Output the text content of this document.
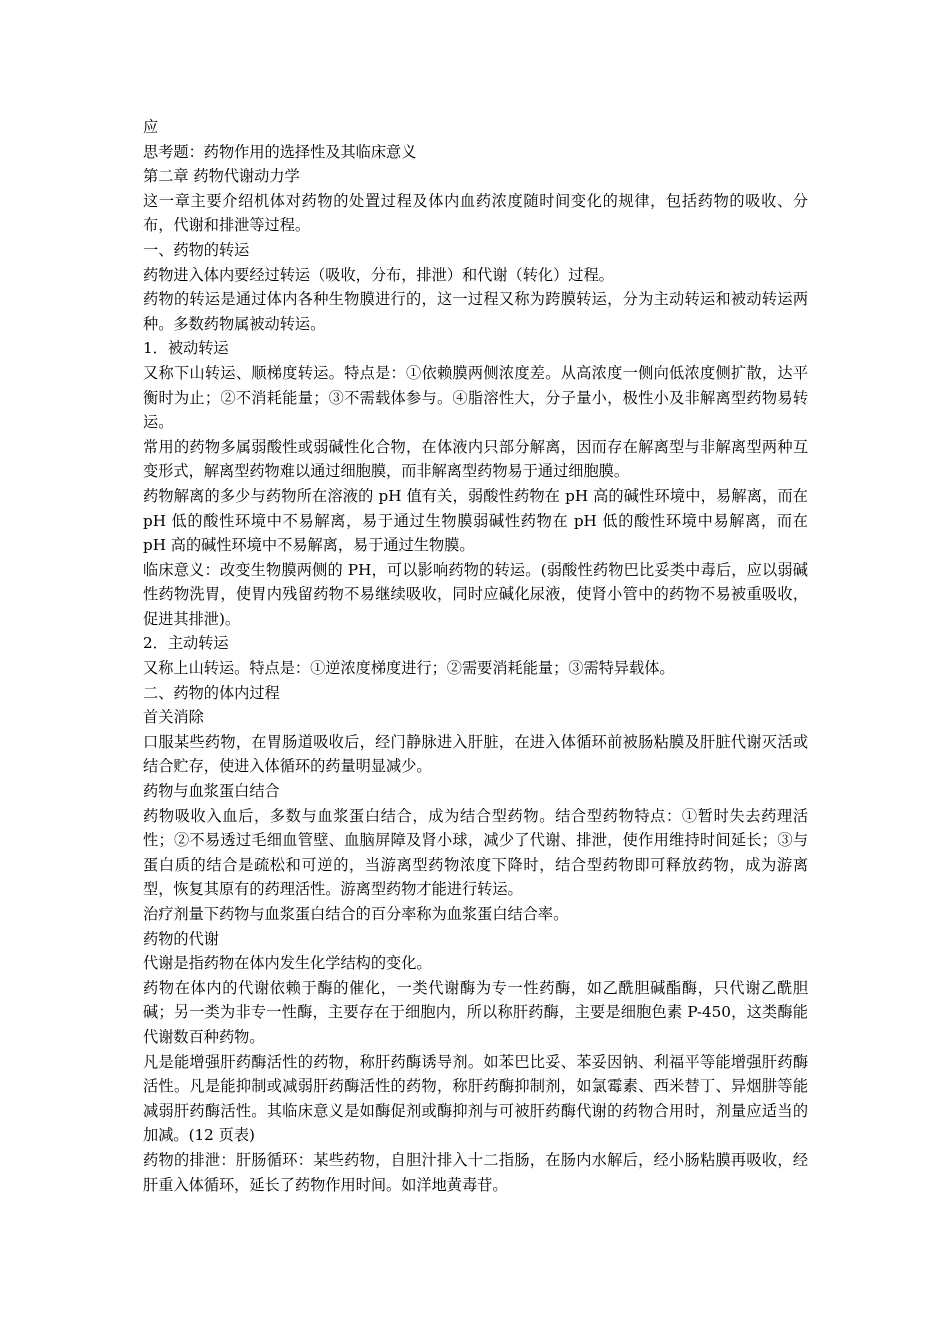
应

思考题：药物作用的选择性及其临床意义

第二章 药物代谢动力学

这一章主要介绍机体对药物的处置过程及体内血药浓度随时间变化的规律，包括药物的吸收、分布，代谢和排泄等过程。

一、药物的转运

药物进入体内要经过转运（吸收，分布，排泄）和代谢（转化）过程。

药物的转运是通过体内各种生物膜进行的，这一过程又称为跨膜转运，分为主动转运和被动转运两种。多数药物属被动转运。

1．被动转运

又称下山转运、顺梯度转运。特点是：①依赖膜两侧浓度差。从高浓度一侧向低浓度侧扩散，达平衡时为止；②不消耗能量；③不需载体参与。④脂溶性大，分子量小，极性小及非解离型药物易转运。

常用的药物多属弱酸性或弱碱性化合物，在体液内只部分解离，因而存在解离型与非解离型两种互变形式，解离型药物难以通过细胞膜，而非解离型药物易于通过细胞膜。

药物解离的多少与药物所在溶液的 pH 值有关，弱酸性药物在 pH 高的碱性环境中，易解离，而在 pH 低的酸性环境中不易解离，易于通过生物膜弱碱性药物在 pH 低的酸性环境中易解离，而在 pH 高的碱性环境中不易解离，易于通过生物膜。

临床意义：改变生物膜两侧的 PH，可以影响药物的转运。(弱酸性药物巴比妥类中毒后，应以弱碱性药物洗胃，使胃内残留药物不易继续吸收，同时应碱化尿液，使肾小管中的药物不易被重吸收，促进其排泄)。

2．主动转运

又称上山转运。特点是：①逆浓度梯度进行；②需要消耗能量；③需特异载体。

二、药物的体内过程

首关消除

口服某些药物，在胃肠道吸收后，经门静脉进入肝脏，在进入体循环前被肠粘膜及肝脏代谢灭活或结合贮存，使进入体循环的药量明显减少。

药物与血浆蛋白结合

药物吸收入血后，多数与血浆蛋白结合，成为结合型药物。结合型药物特点：①暂时失去药理活性；②不易透过毛细血管壁、血脑屏障及肾小球，减少了代谢、排泄，使作用维持时间延长；③与蛋白质的结合是疏松和可逆的，当游离型药物浓度下降时，结合型药物即可释放药物，成为游离型，恢复其原有的药理活性。游离型药物才能进行转运。

治疗剂量下药物与血浆蛋白结合的百分率称为血浆蛋白结合率。

药物的代谢

代谢是指药物在体内发生化学结构的变化。

药物在体内的代谢依赖于酶的催化，一类代谢酶为专一性药酶，如乙酰胆碱酯酶，只代谢乙酰胆碱；另一类为非专一性酶，主要存在于细胞内，所以称肝药酶，主要是细胞色素 P-450，这类酶能代谢数百种药物。

凡是能增强肝药酶活性的药物，称肝药酶诱导剂。如苯巴比妥、苯妥因钠、利福平等能增强肝药酶活性。凡是能抑制或减弱肝药酶活性的药物，称肝药酶抑制剂，如氯霉素、西米替丁、异烟肼等能减弱肝药酶活性。其临床意义是如酶促剂或酶抑剂与可被肝药酶代谢的药物合用时，剂量应适当的加减。(12 页表)

药物的排泄：肝肠循环：某些药物，自胆汁排入十二指肠，在肠内水解后，经小肠粘膜再吸收，经肝重入体循环，延长了药物作用时间。如洋地黄毒苷。
